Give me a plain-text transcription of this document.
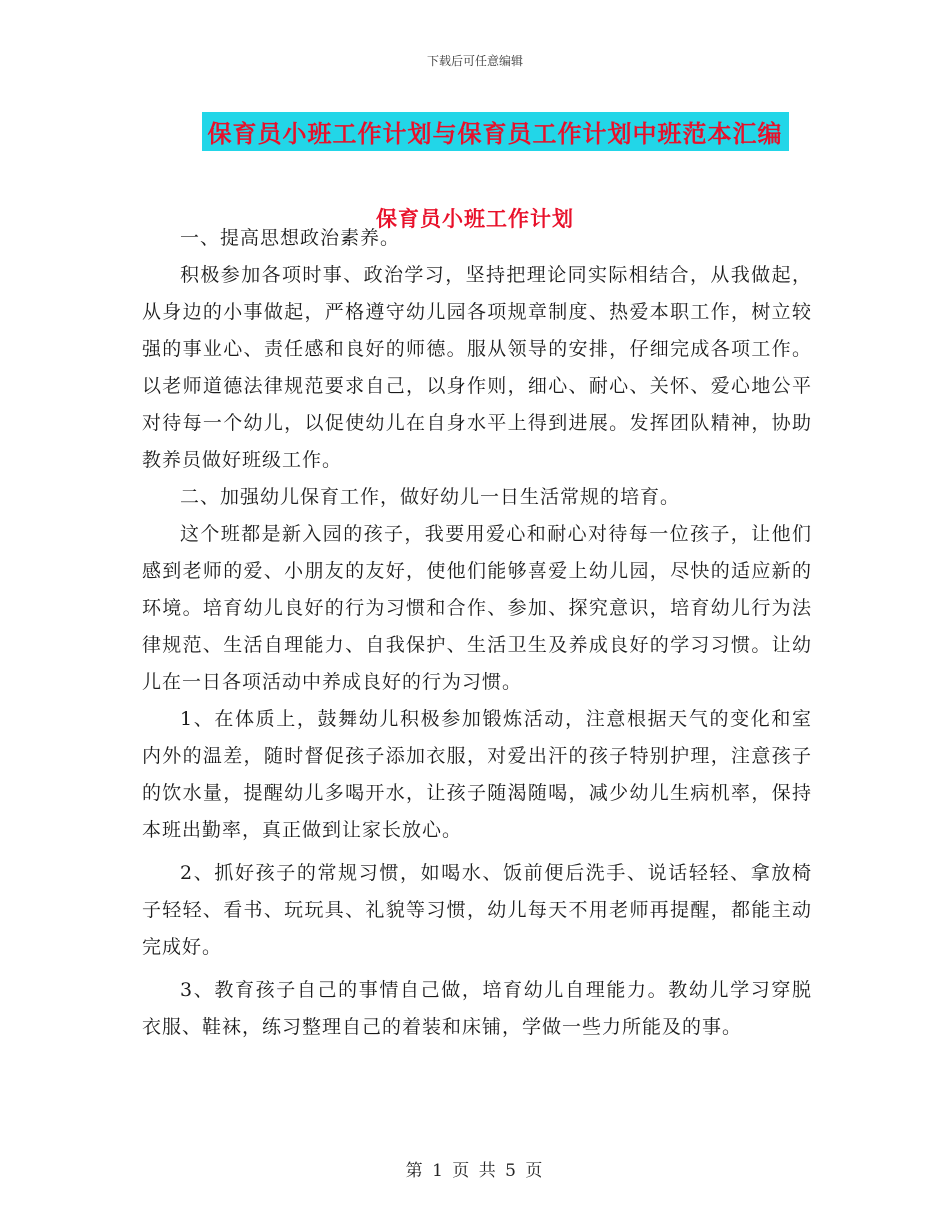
下载后可任意编辑
保育员小班工作计划与保育员工作计划中班范本汇编
保育员小班工作计划

一、提高思想政治素养。

积极参加各项时事、政治学习，坚持把理论同实际相结合，从我做起，从身边的小事做起，严格遵守幼儿园各项规章制度、热爱本职工作，树立较强的事业心、责任感和良好的师德。服从领导的安排，仔细完成各项工作。以老师道德法律规范要求自己，以身作则，细心、耐心、关怀、爱心地公平对待每一个幼儿，以促使幼儿在自身水平上得到进展。发挥团队精神，协助教养员做好班级工作。

二、加强幼儿保育工作，做好幼儿一日生活常规的培育。

这个班都是新入园的孩子，我要用爱心和耐心对待每一位孩子，让他们感到老师的爱、小朋友的友好，使他们能够喜爱上幼儿园，尽快的适应新的环境。培育幼儿良好的行为习惯和合作、参加、探究意识，培育幼儿行为法律规范、生活自理能力、自我保护、生活卫生及养成良好的学习习惯。让幼儿在一日各项活动中养成良好的行为习惯。

1、在体质上，鼓舞幼儿积极参加锻炼活动，注意根据天气的变化和室内外的温差，随时督促孩子添加衣服，对爱出汗的孩子特别护理，注意孩子的饮水量，提醒幼儿多喝开水，让孩子随渴随喝，减少幼儿生病机率，保持本班出勤率，真正做到让家长放心。

2、抓好孩子的常规习惯，如喝水、饭前便后洗手、说话轻轻、拿放椅子轻轻、看书、玩玩具、礼貌等习惯，幼儿每天不用老师再提醒，都能主动完成好。

3、教育孩子自己的事情自己做，培育幼儿自理能力。教幼儿学习穿脱衣服、鞋袜，练习整理自己的着装和床铺，学做一些力所能及的事。

第 1 页 共 5 页
